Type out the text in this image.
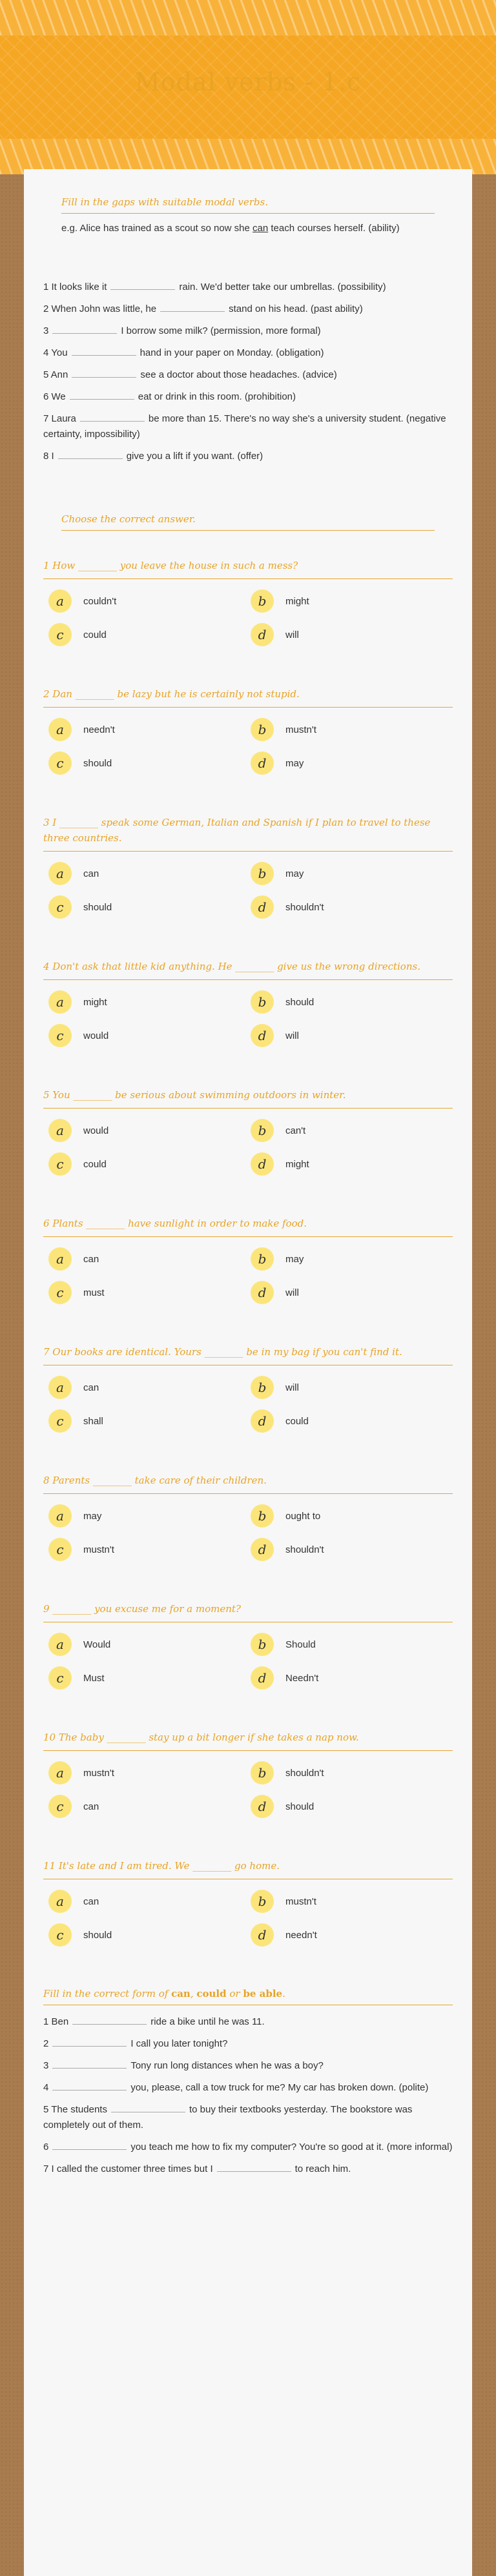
Modal verbs - 1.c
Fill in the gaps with suitable modal verbs.
e.g. Alice has trained as a scout so now she can teach courses herself. (ability)
1 It looks like it	rain. We'd better take our umbrellas. (possibility)
2 When John was little, he	stand on his head. (past ability)
3	I borrow some milk? (permission, more formal)
4 You	hand in your paper on Monday. (obligation)
5 Ann	see a doctor about those headaches. (advice)
6 We	eat or drink in this room. (prohibition)
7 Laura	be more than 15. There's no way she's a university student. (negative certainty, impossibility)
8 I	give you a lift if you want. (offer)
Choose the correct answer.
1 How ________ you leave the house in such a mess?
a	couldn't	b	might
c	could	d	will
2 Dan ________ be lazy but he is certainly not stupid.
a	needn't	b	mustn't
c	should	d	may
3 I ________ speak some German, Italian and Spanish if I plan to travel to these three countries.
a	can	b	may
c	should	d	shouldn't
4 Don't ask that little kid anything. He ________ give us the wrong directions.
a	might	b	should
c	would	d	will
5 You ________ be serious about swimming outdoors in winter.
a	would	b	can't
c	could	d	might
6 Plants ________ have sunlight in order to make food.
a	can	b	may
c	must	d	will
7 Our books are identical. Yours ________ be in my bag if you can't find it.
a	can	b	will
c	shall	d	could
8 Parents ________ take care of their children.
a	may	b	ought to
c	mustn't	d	shouldn't
9 ________ you excuse me for a moment?
a	Would	b	Should
c	Must	d	Needn't
10 The baby ________ stay up a bit longer if she takes a nap now.
a	mustn't	b	shouldn't
c	can	d	should
11 It's late and I am tired. We ________ go home.
a	can	b	mustn't
c	should	d	needn't
Fill in the correct form of can, could or be able.
1 Ben	ride a bike until he was 11.
2	I call you later tonight?
3	Tony run long distances when he was a boy?
4	you, please, call a tow truck for me? My car has broken down. (polite)
5 The students	to buy their textbooks yesterday. The bookstore was completely out of them.
6	you teach me how to fix my computer? You're so good at it. (more informal)
7 I called the customer three times but I	to reach him.
